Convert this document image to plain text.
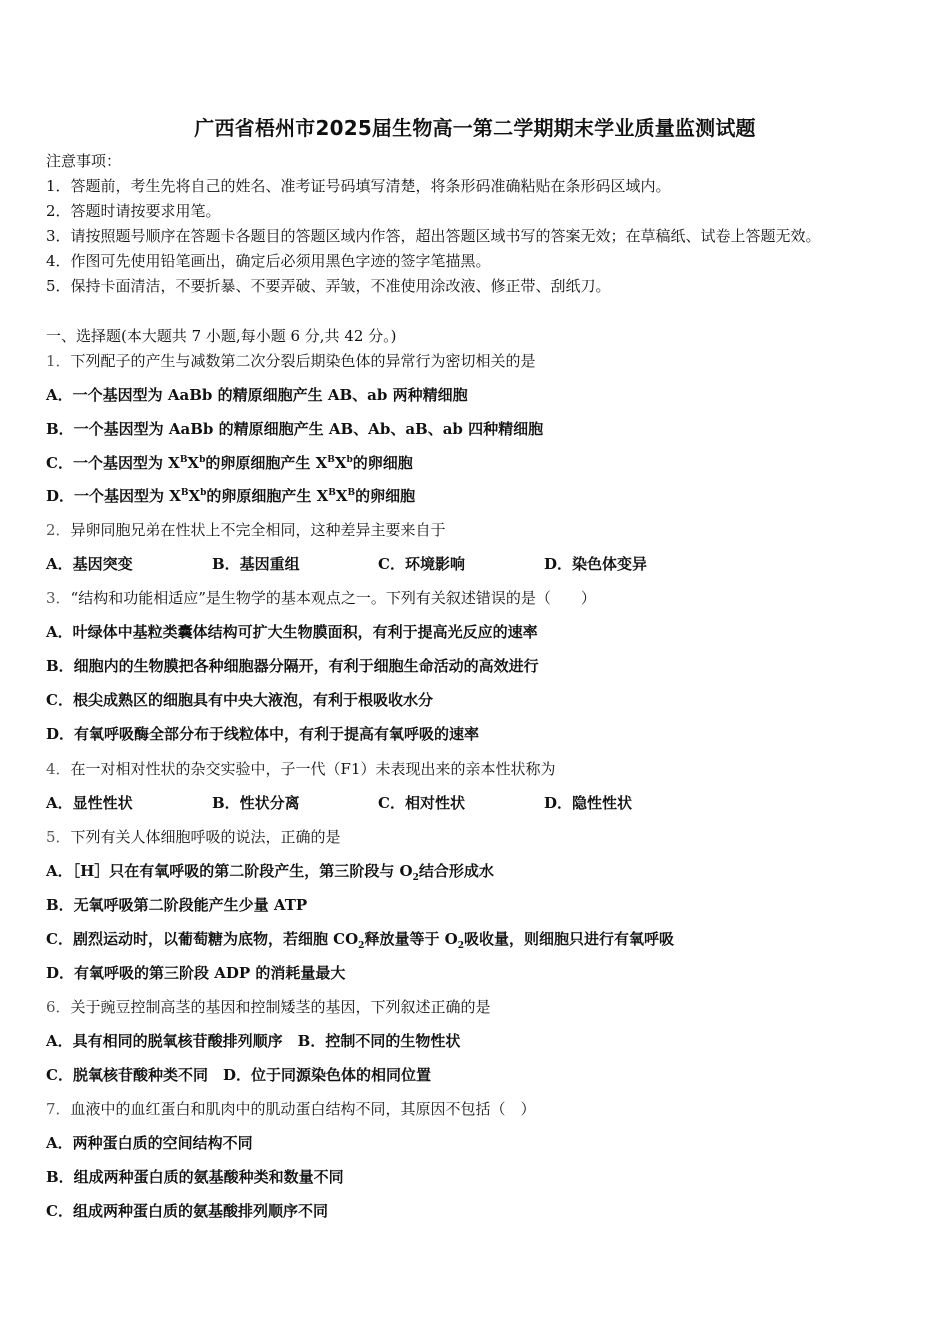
广西省梧州市2025届生物高一第二学期期末学业质量监测试题
注意事项：
1．答题前，考生先将自己的姓名、准考证号码填写清楚，将条形码准确粘贴在条形码区域内。
2．答题时请按要求用笔。
3．请按照题号顺序在答题卡各题目的答题区域内作答，超出答题区域书写的答案无效；在草稿纸、试卷上答题无效。
4．作图可先使用铅笔画出，确定后必须用黑色字迹的签字笔描黑。
5．保持卡面清洁，不要折暴、不要弄破、弄皱，不准使用涂改液、修正带、刮纸刀。
一、选择题(本大题共 7 小题,每小题 6 分,共 42 分。)
1．下列配子的产生与减数第二次分裂后期染色体的异常行为密切相关的是
A．一个基因型为 AaBb 的精原细胞产生 AB、ab 两种精细胞
B．一个基因型为 AaBb 的精原细胞产生 AB、Ab、aB、ab 四种精细胞
C．一个基因型为 $X^BX^b$的卵原细胞产生 $X^BX^b$的卵细胞
D．一个基因型为 $X^BX^b$的卵原细胞产生 $X^BX^B$的卵细胞
2．异卵同胞兄弟在性状上不完全相同，这种差异主要来自于
A．基因突变	B．基因重组	C．环境影响	D．染色体变异
3．“结构和功能相适应”是生物学的基本观点之一。下列有关叙述错误的是（　　）
A．叶绿体中基粒类囊体结构可扩大生物膜面积，有利于提高光反应的速率
B．细胞内的生物膜把各种细胞器分隔开，有利于细胞生命活动的高效进行
C．根尖成熟区的细胞具有中央大液泡，有利于根吸收水分
D．有氧呼吸酶全部分布于线粒体中，有利于提高有氧呼吸的速率
4．在一对相对性状的杂交实验中，子一代（F1）未表现出来的亲本性状称为
A．显性性状	B．性状分离	C．相对性状	D．隐性性状
5．下列有关人体细胞呼吸的说法，正确的是
A．［H］只在有氧呼吸的第二阶段产生，第三阶段与 $O_2$结合形成水
B．无氧呼吸第二阶段能产生少量 ATP
C．剧烈运动时，以葡萄糖为底物，若细胞 $CO_2$释放量等于 $O_2$吸收量，则细胞只进行有氧呼吸
D．有氧呼吸的第三阶段 ADP 的消耗量最大
6．关于豌豆控制高茎的基因和控制矮茎的基因，下列叙述正确的是
A．具有相同的脱氧核苷酸排列顺序　B．控制不同的生物性状
C．脱氧核苷酸种类不同　D．位于同源染色体的相同位置
7．血液中的血红蛋白和肌肉中的肌动蛋白结构不同，其原因不包括（　）
A．两种蛋白质的空间结构不同
B．组成两种蛋白质的氨基酸种类和数量不同
C．组成两种蛋白质的氨基酸排列顺序不同
